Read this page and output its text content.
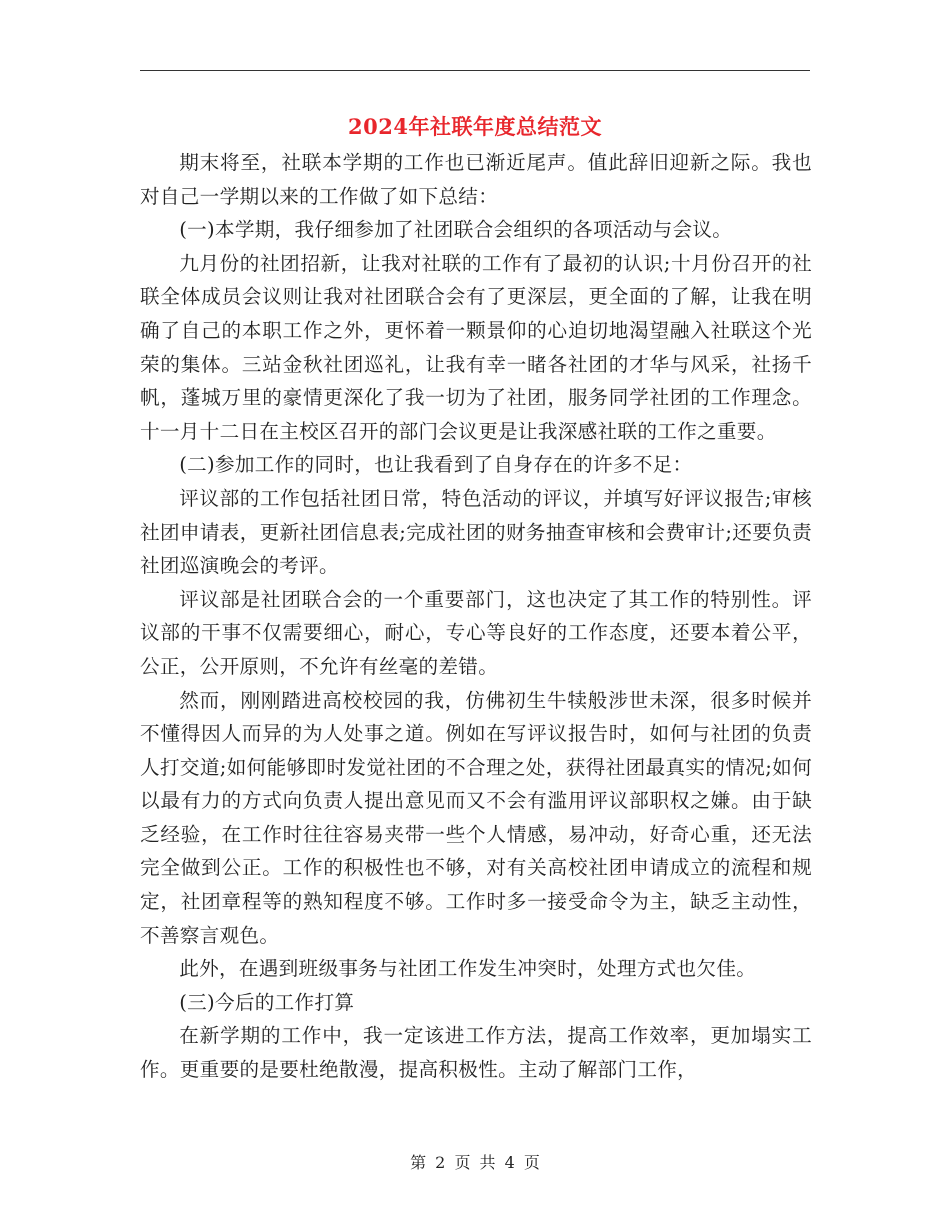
2024年社联年度总结范文

期末将至，社联本学期的工作也已渐近尾声。值此辞旧迎新之际。我也对自己一学期以来的工作做了如下总结：

(一)本学期，我仔细参加了社团联合会组织的各项活动与会议。

九月份的社团招新，让我对社联的工作有了最初的认识;十月份召开的社联全体成员会议则让我对社团联合会有了更深层，更全面的了解，让我在明确了自己的本职工作之外，更怀着一颗景仰的心迫切地渴望融入社联这个光荣的集体。三站金秋社团巡礼，让我有幸一睹各社团的才华与风采，社扬千帆，蓬城万里的豪情更深化了我一切为了社团，服务同学社团的工作理念。十一月十二日在主校区召开的部门会议更是让我深感社联的工作之重要。

(二)参加工作的同时，也让我看到了自身存在的许多不足：

评议部的工作包括社团日常，特色活动的评议，并填写好评议报告;审核社团申请表，更新社团信息表;完成社团的财务抽查审核和会费审计;还要负责社团巡演晚会的考评。

评议部是社团联合会的一个重要部门，这也决定了其工作的特别性。评议部的干事不仅需要细心，耐心，专心等良好的工作态度，还要本着公平，公正，公开原则，不允许有丝毫的差错。

然而，刚刚踏进高校校园的我，仿佛初生牛犊般涉世未深，很多时候并不懂得因人而异的为人处事之道。例如在写评议报告时，如何与社团的负责人打交道;如何能够即时发觉社团的不合理之处，获得社团最真实的情况;如何以最有力的方式向负责人提出意见而又不会有滥用评议部职权之嫌。由于缺乏经验，在工作时往往容易夹带一些个人情感，易冲动，好奇心重，还无法完全做到公正。工作的积极性也不够，对有关高校社团申请成立的流程和规定，社团章程等的熟知程度不够。工作时多一接受命令为主，缺乏主动性，不善察言观色。

此外，在遇到班级事务与社团工作发生冲突时，处理方式也欠佳。

(三)今后的工作打算

在新学期的工作中，我一定该进工作方法，提高工作效率，更加塌实工作。更重要的是要杜绝散漫，提高积极性。主动了解部门工作，

第 2 页 共 4 页
